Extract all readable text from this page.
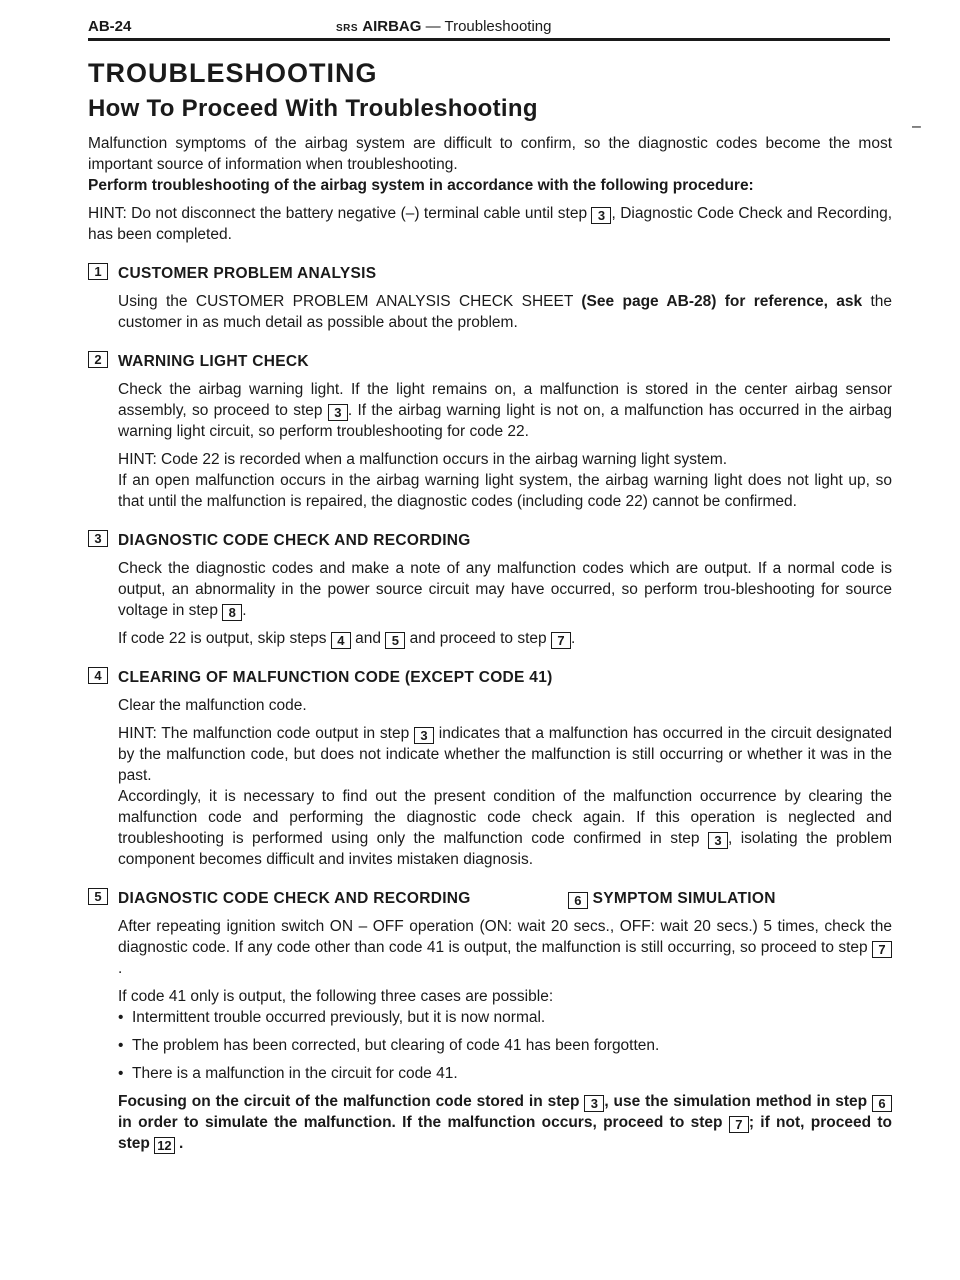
AB-24	SRS AIRBAG — Troubleshooting
TROUBLESHOOTING
How To Proceed With Troubleshooting
–

Malfunction symptoms of the airbag system are difficult to confirm, so the diagnostic codes become the most important source of information when troubleshooting.

Perform troubleshooting of the airbag system in accordance with the following procedure:

HINT: Do not disconnect the battery negative (–) terminal cable until step 3 , Diagnostic Code Check and Recording, has been completed.

1	CUSTOMER PROBLEM ANALYSIS

Using the CUSTOMER PROBLEM ANALYSIS CHECK SHEET (See page AB-28) for reference, ask the customer in as much detail as possible about the problem.

2	WARNING LIGHT CHECK

Check the airbag warning light. If the light remains on, a malfunction is stored in the center airbag sensor assembly, so proceed to step 3 . If the airbag warning light is not on, a malfunction has occurred in the airbag warning light circuit, so perform troubleshooting for code 22.

HINT: Code 22 is recorded when a malfunction occurs in the airbag warning light system.

If an open malfunction occurs in the airbag warning light system, the airbag warning light does not light up, so that until the malfunction is repaired, the diagnostic codes (including code 22) cannot be confirmed.

3	DIAGNOSTIC CODE CHECK AND RECORDING

Check the diagnostic codes and make a note of any malfunction codes which are output. If a normal code is output, an abnormality in the power source circuit may have occurred, so perform trou-bleshooting for source voltage in step 8 .

If code 22 is output, skip steps 4 and 5 and proceed to step 7 .

4	CLEARING OF MALFUNCTION CODE (EXCEPT CODE 41)

Clear the malfunction code.

HINT: The malfunction code output in step 3 indicates that a malfunction has occurred in the circuit designated by the malfunction code, but does not indicate whether the malfunction is still occurring or whether it was in the past.

Accordingly, it is necessary to find out the present condition of the malfunction occurrence by clearing the malfunction code and performing the diagnostic code check again. If this operation is neglected and troubleshooting is performed using only the malfunction code confirmed in step 3 , isolating the problem component becomes difficult and invites mistaken diagnosis.

5	DIAGNOSTIC CODE CHECK AND RECORDING	6 SYMPTOM SIMULATION

After repeating ignition switch ON – OFF operation (ON: wait 20 secs., OFF: wait 20 secs.) 5 times, check the diagnostic code. If any code other than code 41 is output, the malfunction is still occurring, so proceed to step 7.

If code 41 only is output, the following three cases are possible:

• Intermittent trouble occurred previously, but it is now normal.

• The problem has been corrected, but clearing of code 41 has been forgotten.

• There is a malfunction in the circuit for code 41.

Focusing on the circuit of the malfunction code stored in step 3 , use the simulation method in step 6 in order to simulate the malfunction. If the malfunction occurs, proceed to step 7 ; if not, proceed to step 12 .
